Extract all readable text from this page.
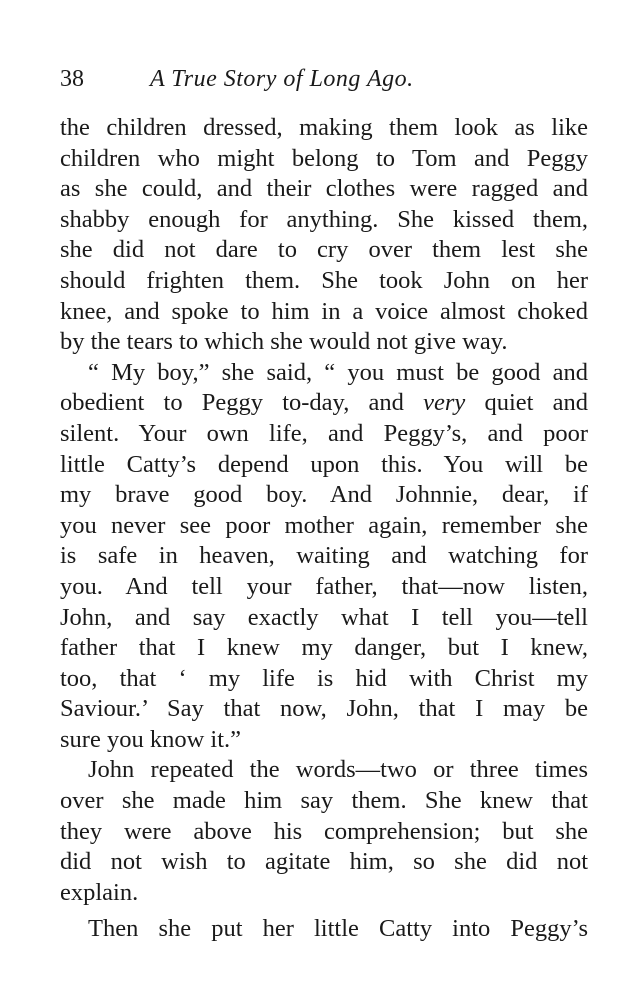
38	A True Story of Long Ago.
the children dressed, making them look as like
children who might belong to Tom and Peggy
as she could, and their clothes were ragged and
shabby enough for anything. She kissed them,
she did not dare to cry over them lest she
should frighten them. She took John on her
knee, and spoke to him in a voice almost choked
by the tears to which she would not give way.
“ My boy,” she said, “ you must be good and
obedient to Peggy to-day, and very quiet and
silent. Your own life, and Peggy’s, and poor
little Catty’s depend upon this. You will be
my brave good boy. And Johnnie, dear, if
you never see poor mother again, remember she
is safe in heaven, waiting and watching for
you. And tell your father, that—now listen,
John, and say exactly what I tell you—tell
father that I knew my danger, but I knew,
too, that ‘ my life is hid with Christ my
Saviour.’ Say that now, John, that I may be
sure you know it.”
John repeated the words—two or three times
over she made him say them. She knew that
they were above his comprehension; but she
did not wish to agitate him, so she did not
explain.
Then she put her little Catty into Peggy’s
